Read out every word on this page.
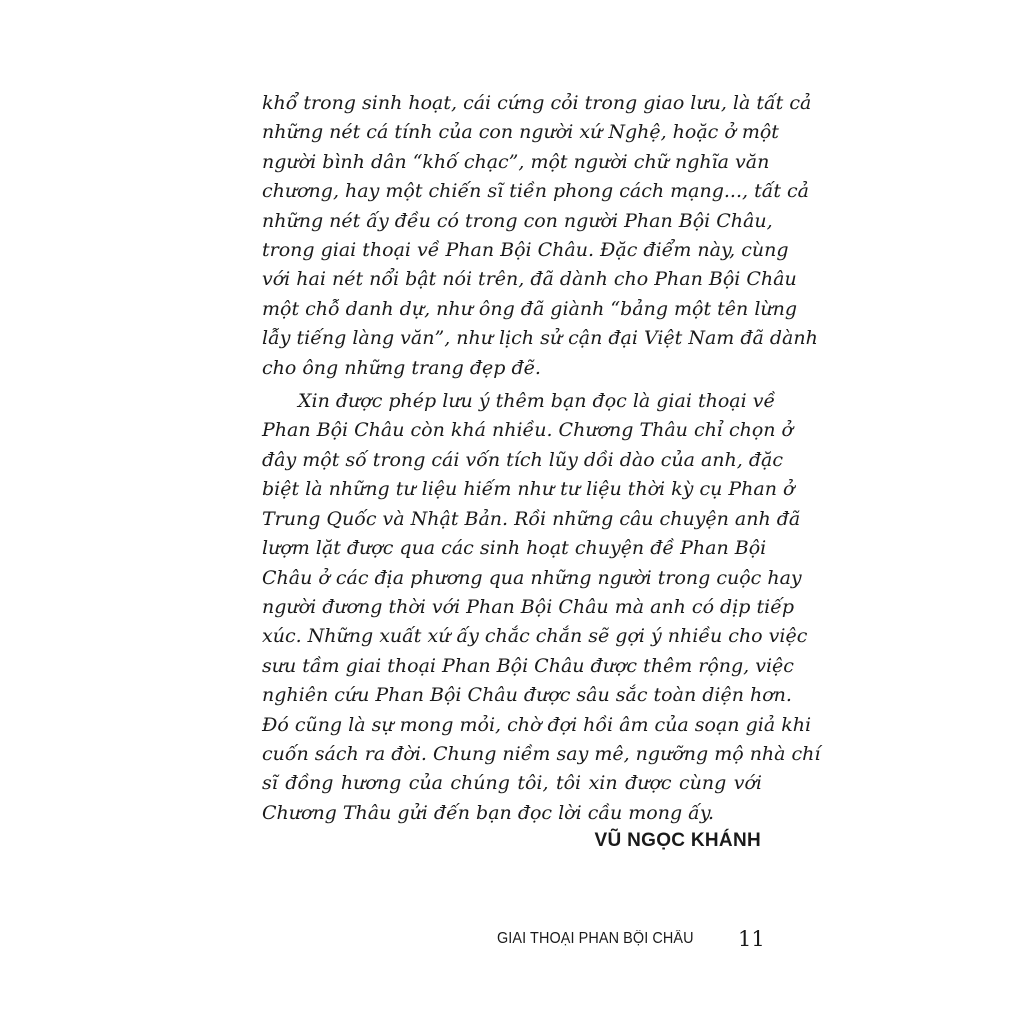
khổ trong sinh hoạt, cái cứng cỏi trong giao lưu, là tất cả
những nét cá tính của con người xứ Nghệ, hoặc ở một
người bình dân “khố chạc”, một người chữ nghĩa văn
chương, hay một chiến sĩ tiền phong cách mạng..., tất cả
những nét ấy đều có trong con người Phan Bội Châu,
trong giai thoại về Phan Bội Châu. Đặc điểm này, cùng
với hai nét nổi bật nói trên, đã dành cho Phan Bội Châu
một chỗ danh dự, như ông đã giành “bảng một tên lừng
lẫy tiếng làng văn”, như lịch sử cận đại Việt Nam đã dành
cho ông những trang đẹp đẽ.
Xin được phép lưu ý thêm bạn đọc là giai thoại về
Phan Bội Châu còn khá nhiều. Chương Thâu chỉ chọn ở
đây một số trong cái vốn tích lũy dồi dào của anh, đặc
biệt là những tư liệu hiếm như tư liệu thời kỳ cụ Phan ở
Trung Quốc và Nhật Bản. Rồi những câu chuyện anh đã
lượm lặt được qua các sinh hoạt chuyện đề Phan Bội
Châu ở các địa phương qua những người trong cuộc hay
người đương thời với Phan Bội Châu mà anh có dịp tiếp
xúc. Những xuất xứ ấy chắc chắn sẽ gợi ý nhiều cho việc
sưu tầm giai thoại Phan Bội Châu được thêm rộng, việc
nghiên cứu Phan Bội Châu được sâu sắc toàn diện hơn.
Đó cũng là sự mong mỏi, chờ đợi hồi âm của soạn giả khi
cuốn sách ra đời. Chung niềm say mê, ngưỡng mộ nhà chí
sĩ đồng hương của chúng tôi, tôi xin được cùng với
Chương Thâu gửi đến bạn đọc lời cầu mong ấy.
VŨ NGỌC KHÁNH
GIAI THOẠI PHAN BỘI CHÂU 11
